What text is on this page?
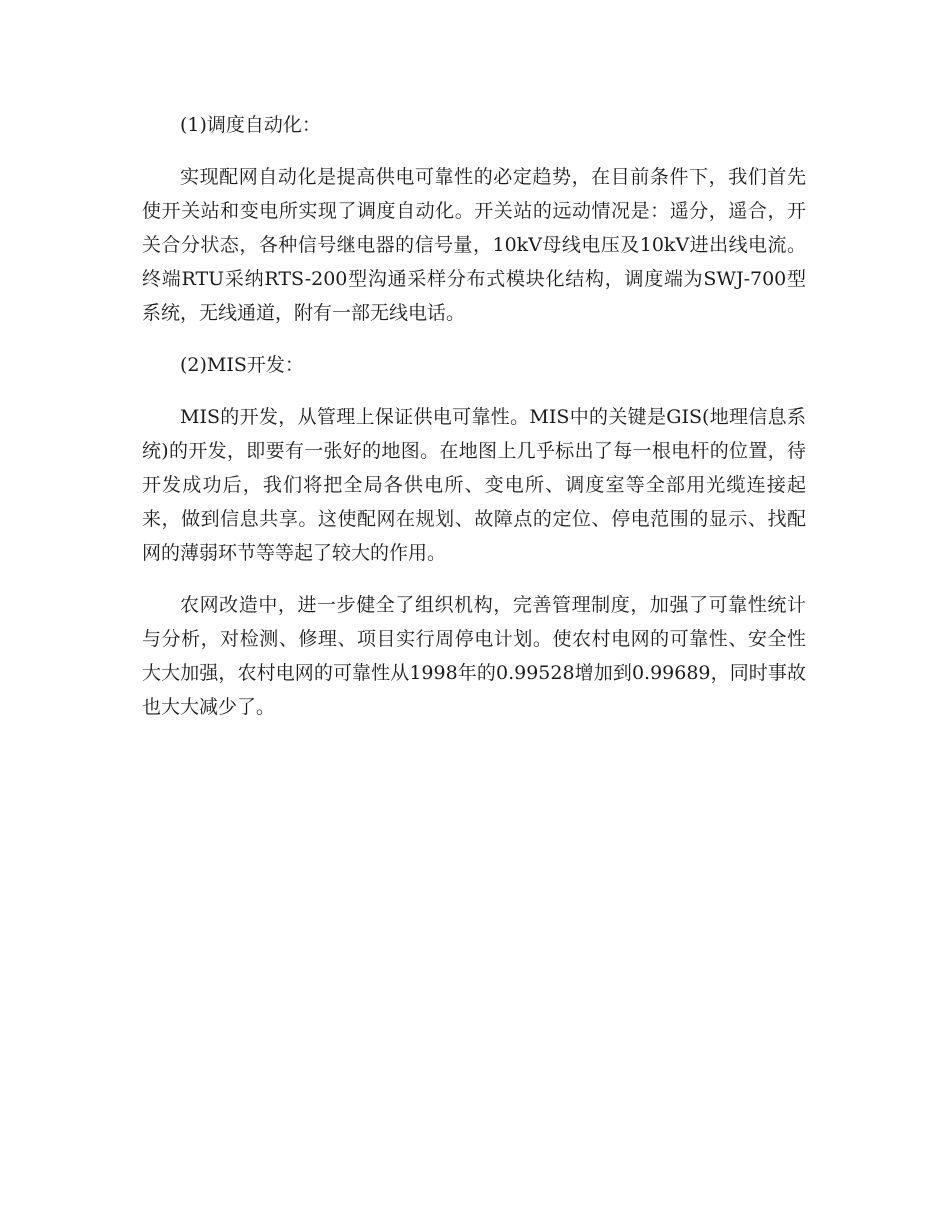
(1)调度自动化：

实现配网自动化是提高供电可靠性的必定趋势，在目前条件下，我们首先使开关站和变电所实现了调度自动化。开关站的远动情况是：遥分，遥合，开关合分状态，各种信号继电器的信号量，10kV母线电压及10kV进出线电流。终端RTU采纳RTS-200型沟通采样分布式模块化结构，调度端为SWJ-700型系统，无线通道，附有一部无线电话。

(2)MIS开发：

MIS的开发，从管理上保证供电可靠性。MIS中的关键是GIS(地理信息系统)的开发，即要有一张好的地图。在地图上几乎标出了每一根电杆的位置，待开发成功后，我们将把全局各供电所、变电所、调度室等全部用光缆连接起来，做到信息共享。这使配网在规划、故障点的定位、停电范围的显示、找配网的薄弱环节等等起了较大的作用。

农网改造中，进一步健全了组织机构，完善管理制度，加强了可靠性统计与分析，对检测、修理、项目实行周停电计划。使农村电网的可靠性、安全性大大加强，农村电网的可靠性从1998年的0.99528增加到0.99689，同时事故也大大减少了。
